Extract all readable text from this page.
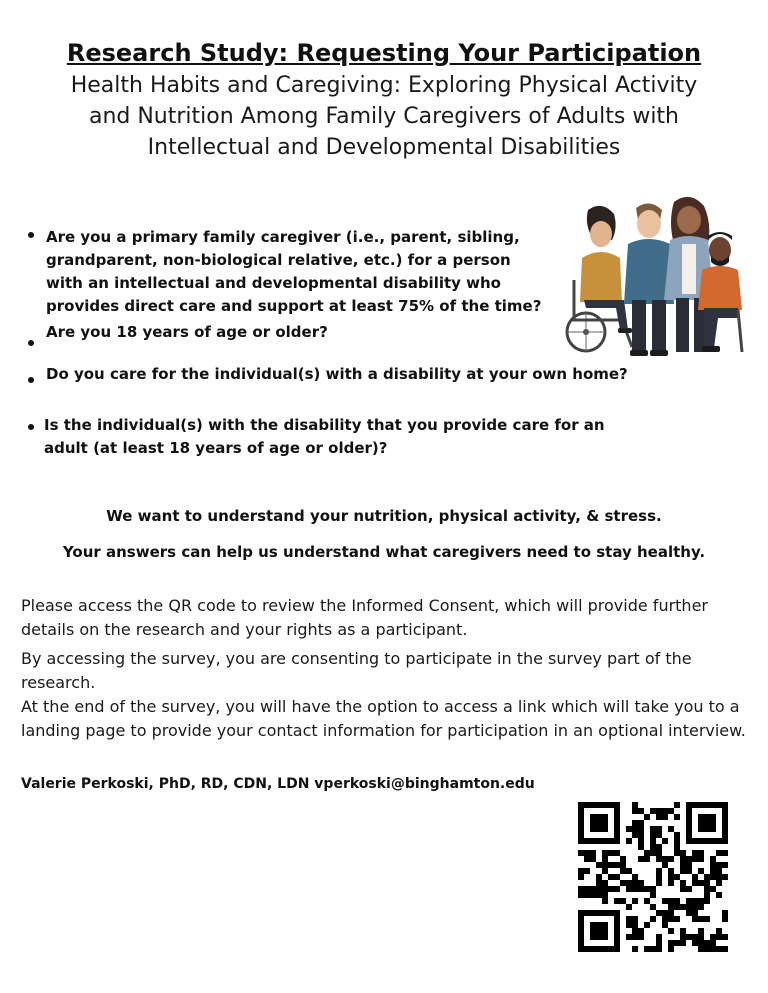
Research Study: Requesting Your Participation
Health Habits and Caregiving: Exploring Physical Activity and Nutrition Among Family Caregivers of Adults with Intellectual and Developmental Disabilities
Are you a primary family caregiver (i.e., parent, sibling, grandparent, non-biological relative, etc.) for a person with an intellectual and developmental disability who provides direct care and support at least 75% of the time?
Are you 18 years of age or older?
Do you care for the individual(s) with a disability at your own home?
Is the individual(s) with the disability that you provide care for an adult (at least 18 years of age or older)?
We want to understand your nutrition, physical activity, & stress.
Your answers can help us understand what caregivers need to stay healthy.
Please access the QR code to review the Informed Consent, which will provide further details on the research and your rights as a participant.
By accessing the survey, you are consenting to participate in the survey part of the research.
At the end of the survey, you will have the option to access a link which will take you to a landing page to provide your contact information for participation in an optional interview.
Valerie Perkoski, PhD, RD, CDN, LDN vperkoski@binghamton.edu
